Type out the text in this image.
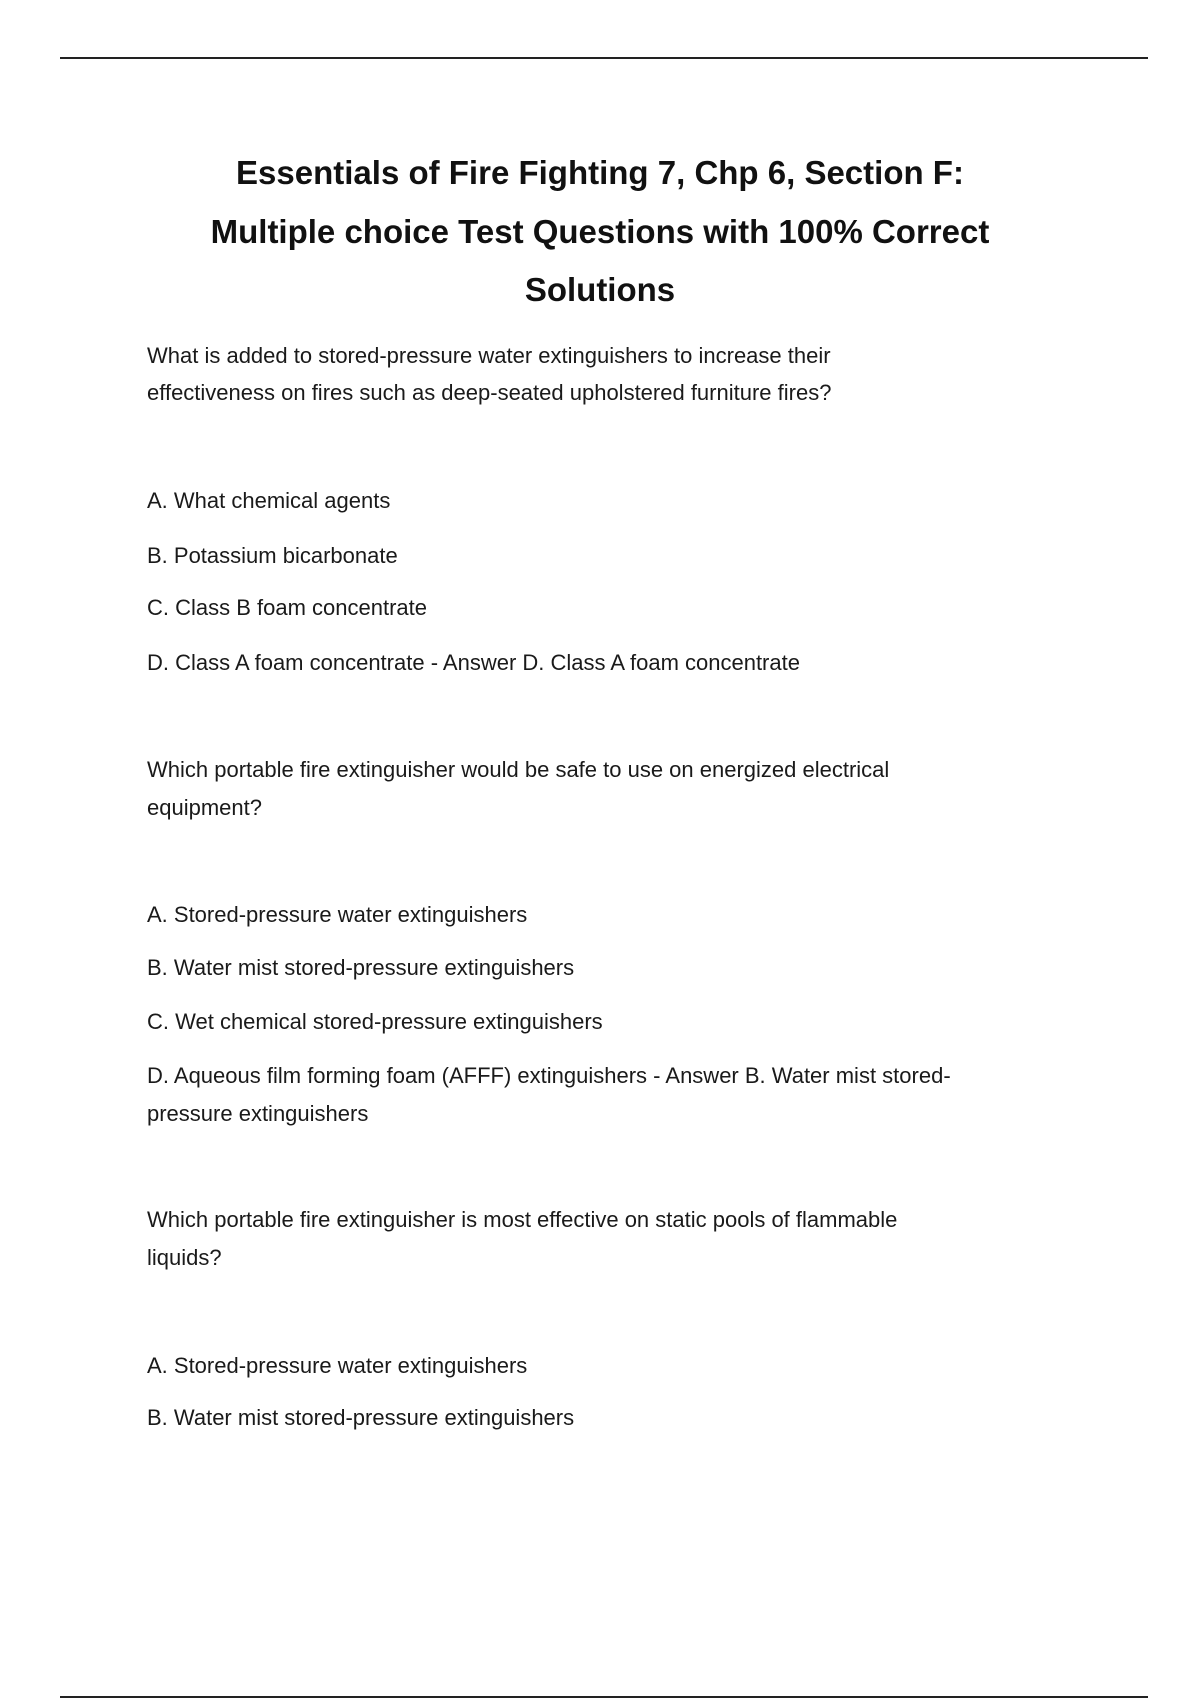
Essentials of Fire Fighting 7, Chp 6, Section F:
Multiple choice Test Questions with 100% Correct
Solutions
What is added to stored-pressure water extinguishers to increase their
effectiveness on fires such as deep-seated upholstered furniture fires?
A. What chemical agents
B. Potassium bicarbonate
C. Class B foam concentrate
D. Class A foam concentrate - Answer D. Class A foam concentrate
Which portable fire extinguisher would be safe to use on energized electrical
equipment?
A. Stored-pressure water extinguishers
B. Water mist stored-pressure extinguishers
C. Wet chemical stored-pressure extinguishers
D. Aqueous film forming foam (AFFF) extinguishers - Answer B. Water mist stored-
pressure extinguishers
Which portable fire extinguisher is most effective on static pools of flammable
liquids?
A. Stored-pressure water extinguishers
B. Water mist stored-pressure extinguishers
